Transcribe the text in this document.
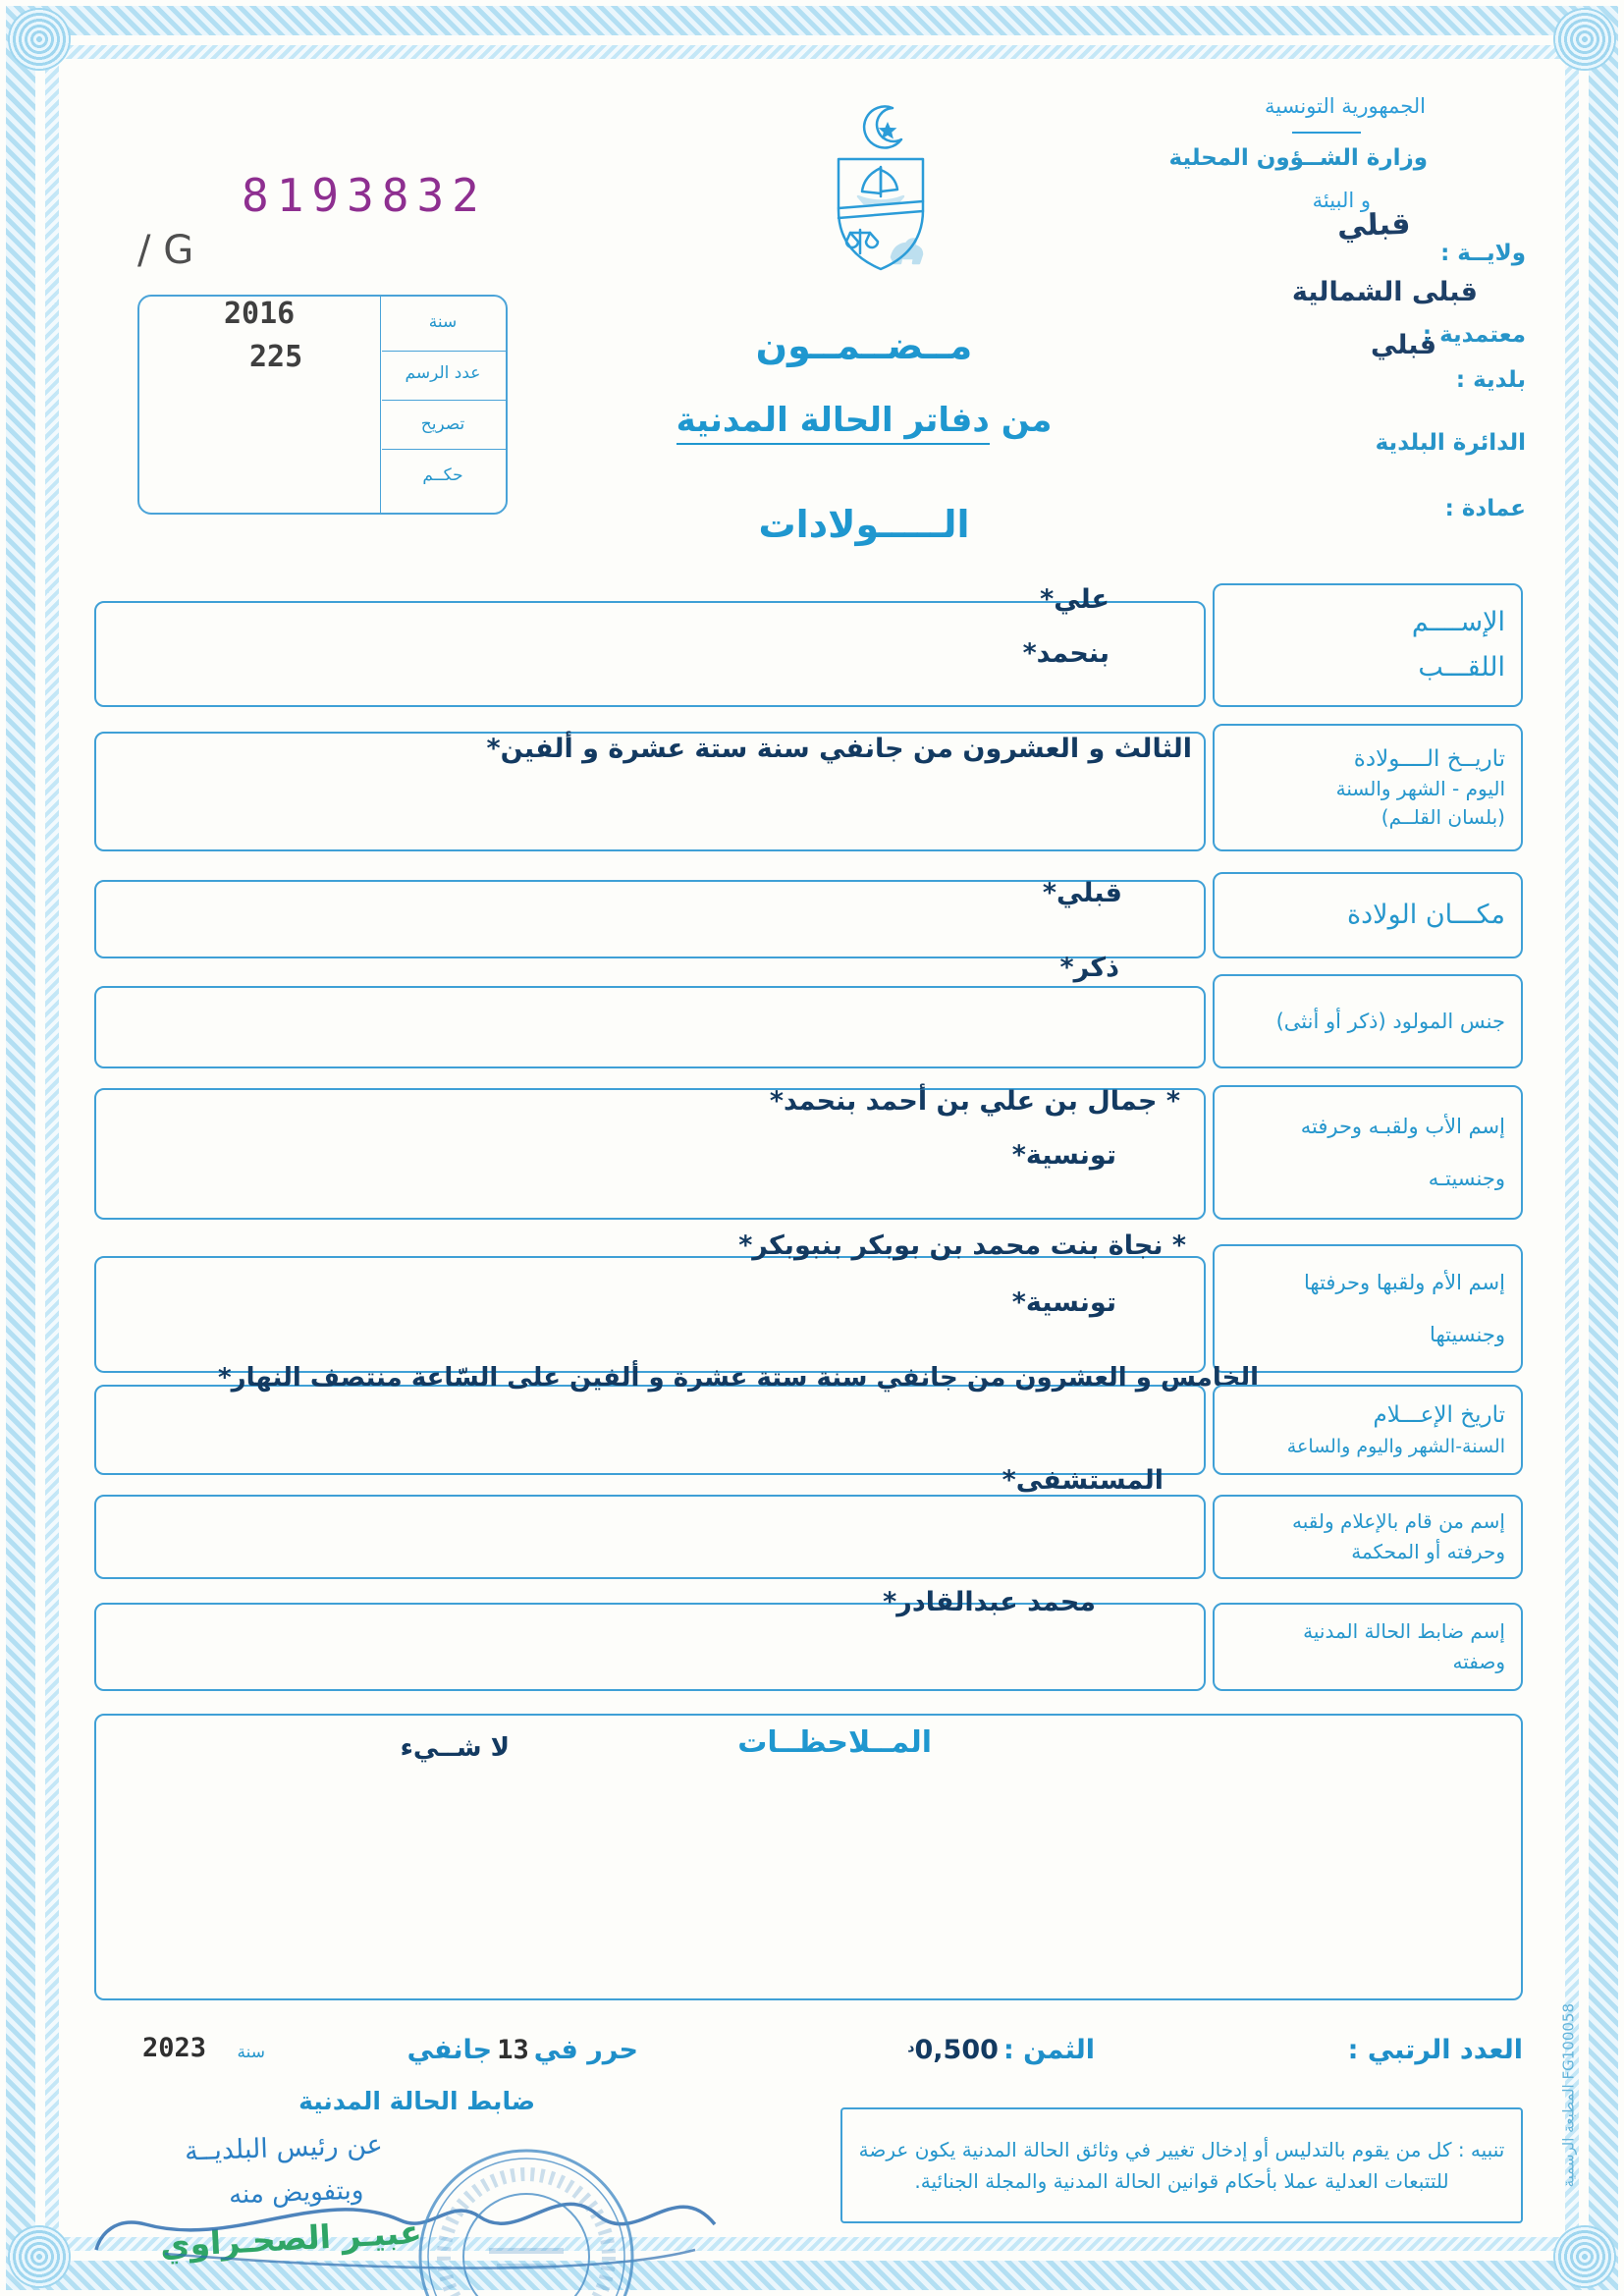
8193832
G /
سنة
عدد الرسم
تصريح
حكــم
2016
225	مــضــمــون
من دفاتر الحالة المدنية
الـــــولادات
الجمهورية التونسية
وزارة الشــؤون المحلية
و البيئة
قبلي
ولايــة :
قبلى الشمالية
معتمدية :
قبلي
بلدية :
الدائرة البلدية
عمادة :
علي*
بنحمد*
الإســــم
اللقـــب
الثالث و العشرون من جانفي سنة ستة عشرة و ألفين*	تاريــخ الــــولادة
اليوم - الشهر والسنة
(بلسان القلــم)
قبلي*
مكـــان الولادة
ذكر*
جنس المولود (ذكر أو أنثى)
* جمال بن علي بن أحمد بنحمد*
تونسية*
إسم الأب ولقبـه وحرفته
وجنسيتـه
* نجاة بنت محمد بن بوبكر بنبوبكر*
تونسية*
إسم الأم ولقبها وحرفتها
وجنسيتها
الخامس و العشرون من جانفي سنة ستة عشرة و ألفين على السّاعة منتصف النهار*
تاريخ الإعـــلام
السنة-الشهر واليوم والساعة
المستشفى*
إسم من قام بالإعلام ولقبه
وحرفته أو المحكمة
محمد عبدالقادر*
إسم ضابط الحالة المدنية
وصفته
المــلاحظــات
لا شــيء
FG100058 المطبعة الرسمية
العدد الرتبي :
الثمن : 0,500د
حرر في 13 جانفي
سنة
2023
ضابط الحالة المدنية
عن رئيس البلديــة
وبتفويض منه
عبيـر الصحـراوي
تنبيه : كل من يقوم بالتدليس أو إدخال تغيير في وثائق الحالة المدنية يكون عرضة
للتتبعات العدلية عملا بأحكام قوانين الحالة المدنية والمجلة الجنائية.
